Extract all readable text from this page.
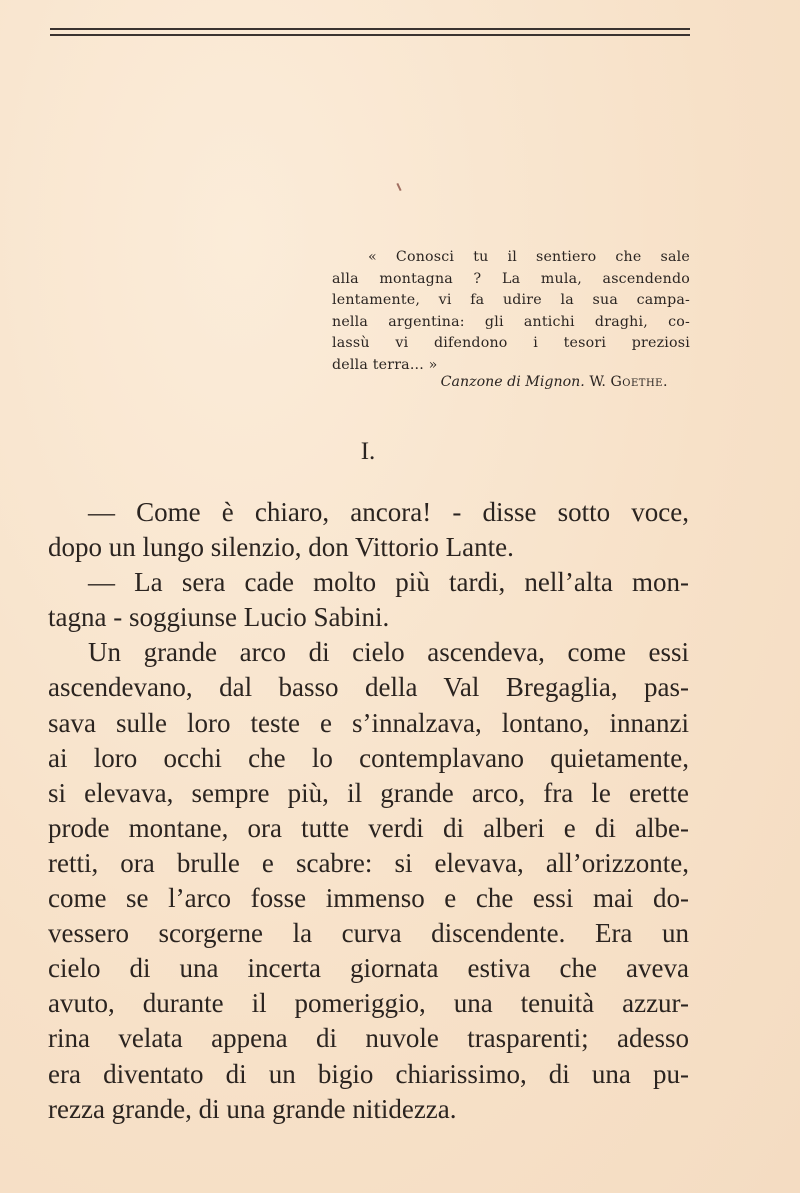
« Conosci tu il sentiero che sale
alla montagna ? La mula, ascendendo
lentamente, vi fa udire la sua campa-
nella argentina: gli antichi draghi, co-
lassù vi difendono i tesori preziosi
della terra... »
Canzone di Mignon. W. Goethe.
I.
— Come è chiaro, ancora! - disse sotto voce,
dopo un lungo silenzio, don Vittorio Lante.
— La sera cade molto più tardi, nell’alta mon-
tagna - soggiunse Lucio Sabini.
Un grande arco di cielo ascendeva, come essi
ascendevano, dal basso della Val Bregaglia, pas-
sava sulle loro teste e s’innalzava, lontano, innanzi
ai loro occhi che lo contemplavano quietamente,
si elevava, sempre più, il grande arco, fra le erette
prode montane, ora tutte verdi di alberi e di albe-
retti, ora brulle e scabre: si elevava, all’orizzonte,
come se l’arco fosse immenso e che essi mai do-
vessero scorgerne la curva discendente. Era un
cielo di una incerta giornata estiva che aveva
avuto, durante il pomeriggio, una tenuità azzur-
rina velata appena di nuvole trasparenti; adesso
era diventato di un bigio chiarissimo, di una pu-
rezza grande, di una grande nitidezza.
